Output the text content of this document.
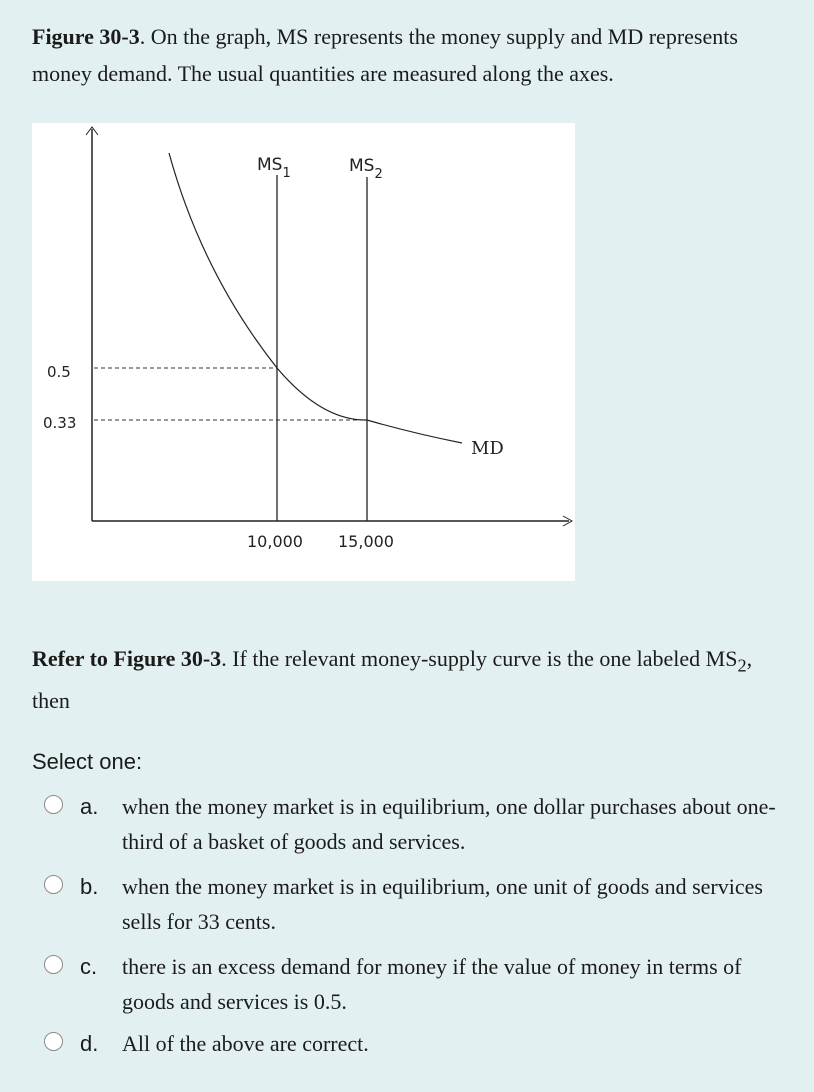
Figure 30-3. On the graph, MS represents the money supply and MD represents money demand. The usual quantities are measured along the axes.

$MS_1$	$MS_2$
MD
0.5
0.33
10,000 15,000

Refer to Figure 30-3. If the relevant money-supply curve is the one labeled $MS_2$, then

Select one:

a. when the money market is in equilibrium, one dollar purchases about one-third of a basket of goods and services.
b. when the money market is in equilibrium, one unit of goods and services sells for 33 cents.
c. there is an excess demand for money if the value of money in terms of goods and services is 0.5.
d. All of the above are correct.
